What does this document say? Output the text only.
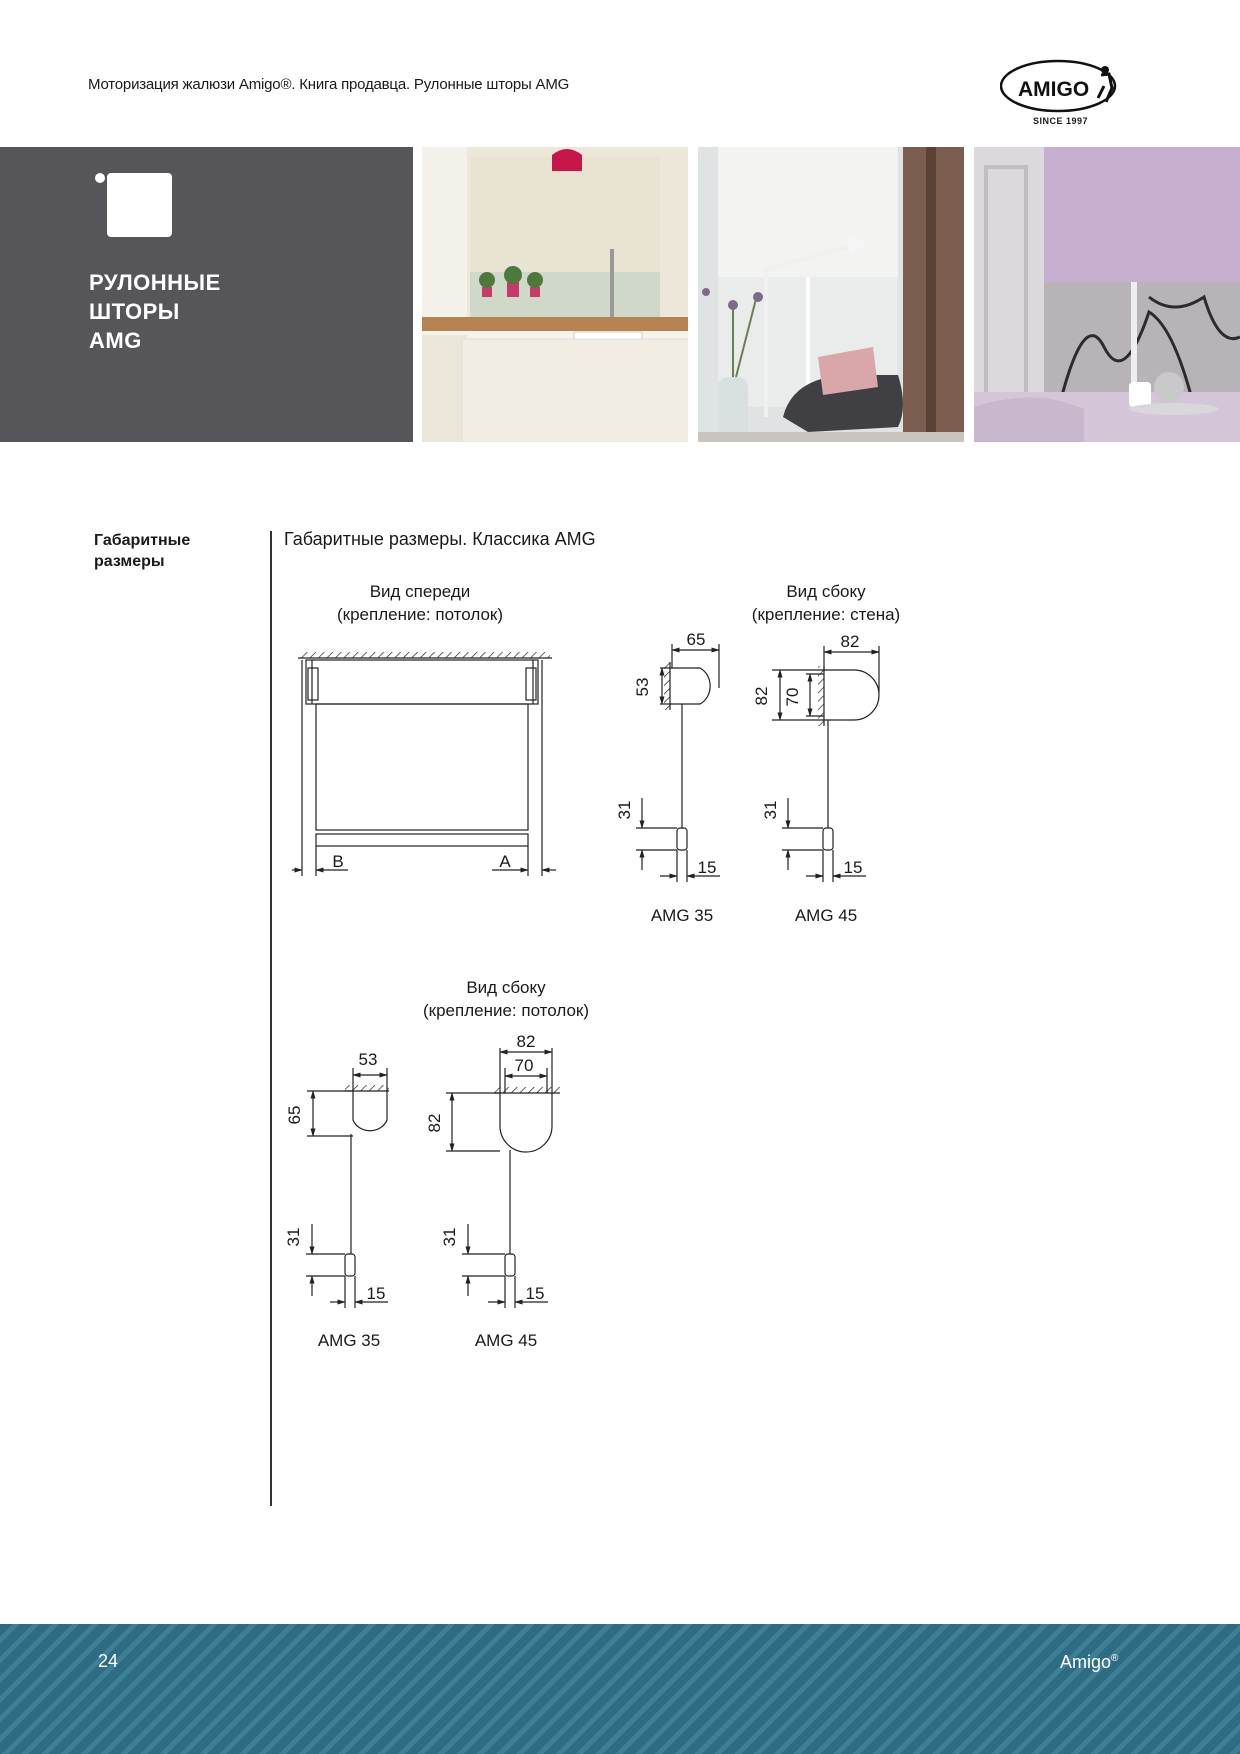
Моторизация жалюзи Amigo®. Книга продавца. Рулонные шторы AMG	AMIGO
SINCE 1997
РУЛОННЫЕ
ШТОРЫ
AMG
Габаритные
размеры
Габаритные размеры. Классика AMG
Вид спереди
(крепление: потолок)
B	A
Вид сбоку
(крепление: стена)
65
53
31
15
AMG 35
82
82 70
31
15
AMG 45
Вид сбоку
(крепление: потолок)
53
65
31
15
AMG 35
82
70
82
31
15
AMG 45
24	Amigo®
